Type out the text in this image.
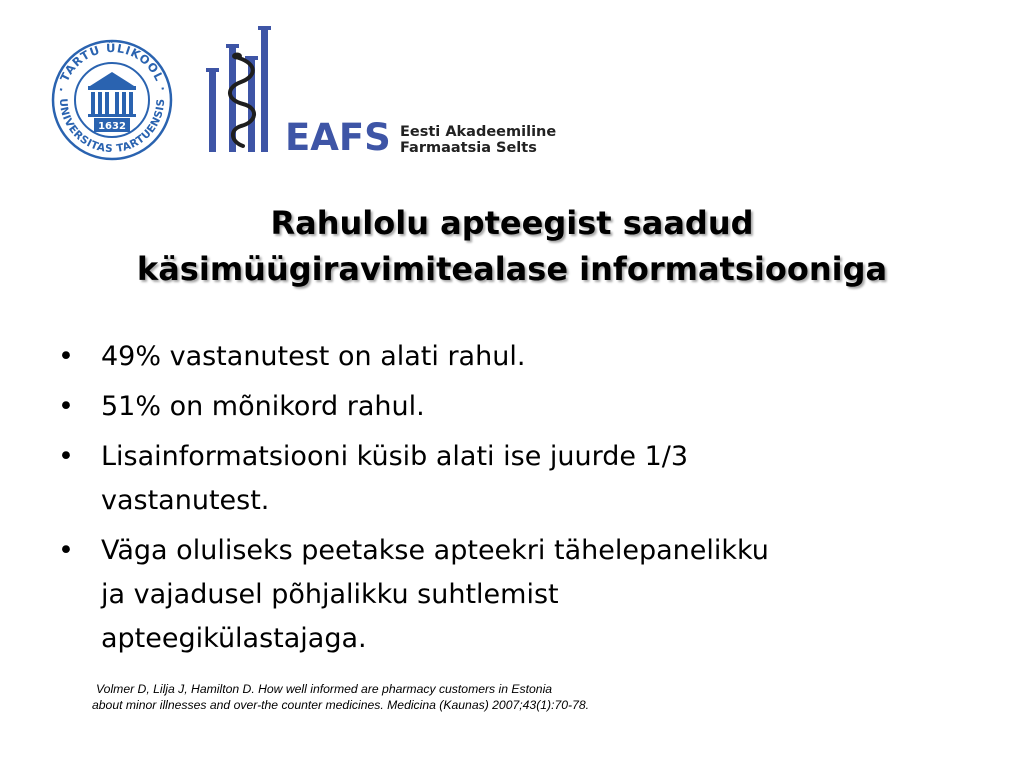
· TARTU ÜLIKOOL ·
UNIVERSITAS TARTUENSIS
1632	EAFS Eesti Akadeemiline
Farmaatsia Selts
Rahulolu apteegist saadud
käsimüügiravimitealase informatsiooniga
• 49% vastanutest on alati rahul.
• 51% on mõnikord rahul.
• Lisainformatsiooni küsib alati ise juurde 1/3
vastanutest.
• Väga oluliseks peetakse apteekri tähelepanelikku
ja vajadusel põhjalikku suhtlemist
apteegikülastajaga.
Volmer D, Lilja J, Hamilton D. How well informed are pharmacy customers in Estonia
about minor illnesses and over-the counter medicines. Medicina (Kaunas) 2007;43(1):70-78.
